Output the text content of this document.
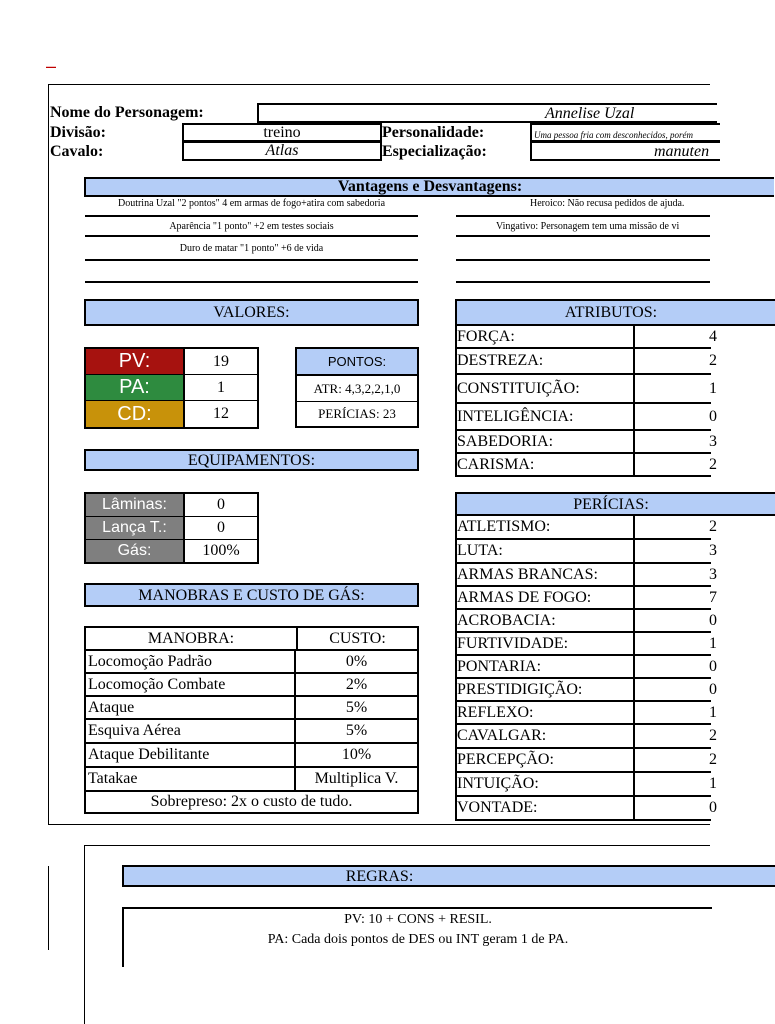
–
Nome do Personagem:	Annelise Uzal
Divisão:	treino	Personalidade:	Uma pessoa fria com desconhecidos, porém
Cavalo:	Atlas	Especialização:	manuten
Vantagens e Desvantagens:
Doutrina Uzal "2 pontos" 4 em armas de fogo+atira com sabedoria
Aparência "1 ponto" +2 em testes sociais
Duro de matar "1 ponto" +6 de vida
Heroico: Não recusa pedidos de ajuda.
Vingativo: Personagem tem uma missão de vi
VALORES:
PV:	19
PA:	1
CD:	12
PONTOS:
ATR: 4,3,2,2,1,0
PERÍCIAS: 23
ATRIBUTOS:
FORÇA:	4
DESTREZA:	2
CONSTITUIÇÃO:	1
INTELIGÊNCIA:	0
SABEDORIA:	3
CARISMA:	2
EQUIPAMENTOS:
Lâminas:	0
Lança T.:	0
Gás:	100%
PERÍCIAS:
ATLETISMO:	2
LUTA:	3
ARMAS BRANCAS:	3
ARMAS DE FOGO:	7
ACROBACIA:	0
FURTIVIDADE:	1
PONTARIA:	0
PRESTIDIGIÇÃO:	0
REFLEXO:	1
CAVALGAR:	2
PERCEPÇÃO:	2
INTUIÇÃO:	1
VONTADE:	0
MANOBRAS E CUSTO DE GÁS:
MANOBRA:	CUSTO:
Locomoção Padrão	0%
Locomoção Combate	2%
Ataque	5%
Esquiva Aérea	5%
Ataque Debilitante	10%
Tatakae	Multiplica V.
Sobrepreso: 2x o custo de tudo.
REGRAS:
PV: 10 + CONS + RESIL.
PA: Cada dois pontos de DES ou INT geram 1 de PA.
